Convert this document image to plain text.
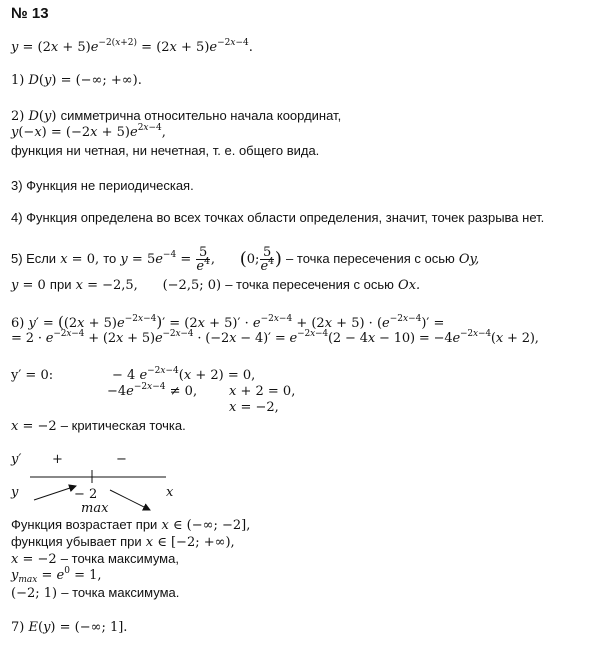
№ 13
$y = (2x + 5)e^{-2(x+2)} = (2x + 5)e^{-2x-4}$.
1) D(y) = (−∞; +∞).
2) D(y) симметрична относительно начала координат,
$y(-x) = (-2x + 5)e^{2x-4}$,
функция ни четная, ни нечетная, т. е. общего вида.
3) Функция не периодическая.
4) Функция определена во всех точках области определения, значит, точек разрыва нет.
5) Если x = 0, то $y = 5e^{-4} = \frac{5}{e^4}$ ,      (0; $\frac{5}{e^4}$ ) – точка пересечения с осью Oy,
y = 0 при x = −2,5,      (−2,5; 0) – точка пересечения с осью Ox.
6) $y' = ((2x + 5)e^{-2x-4})' = (2x + 5)' \cdot e^{-2x-4} + (2x + 5) \cdot (e^{-2x-4})'$ =
= $2 \cdot e^{-2x-4} + (2x + 5)e^{-2x-4} \cdot (-2x - 4)' = e^{-2x-4}(2 - 4x - 10) = -4e^{-2x-4}(x + 2)$,
y′ = 0:	− 4 $e^{-2x-4}(x + 2) = 0$,
$-4e^{-2x-4} \ne 0$, x + 2 = 0,
x = −2,
x = −2 – критическая точка.
y′ +	−
y	− 2	x
max
Функция возрастает при x ∈ (−∞; −2],
функция убывает при x ∈ [−2; +∞),
x = −2 – точка максимума,
$y_{max} = e^0 = 1$,
(−2; 1) – точка максимума.
7) E(y) = (−∞; 1].
